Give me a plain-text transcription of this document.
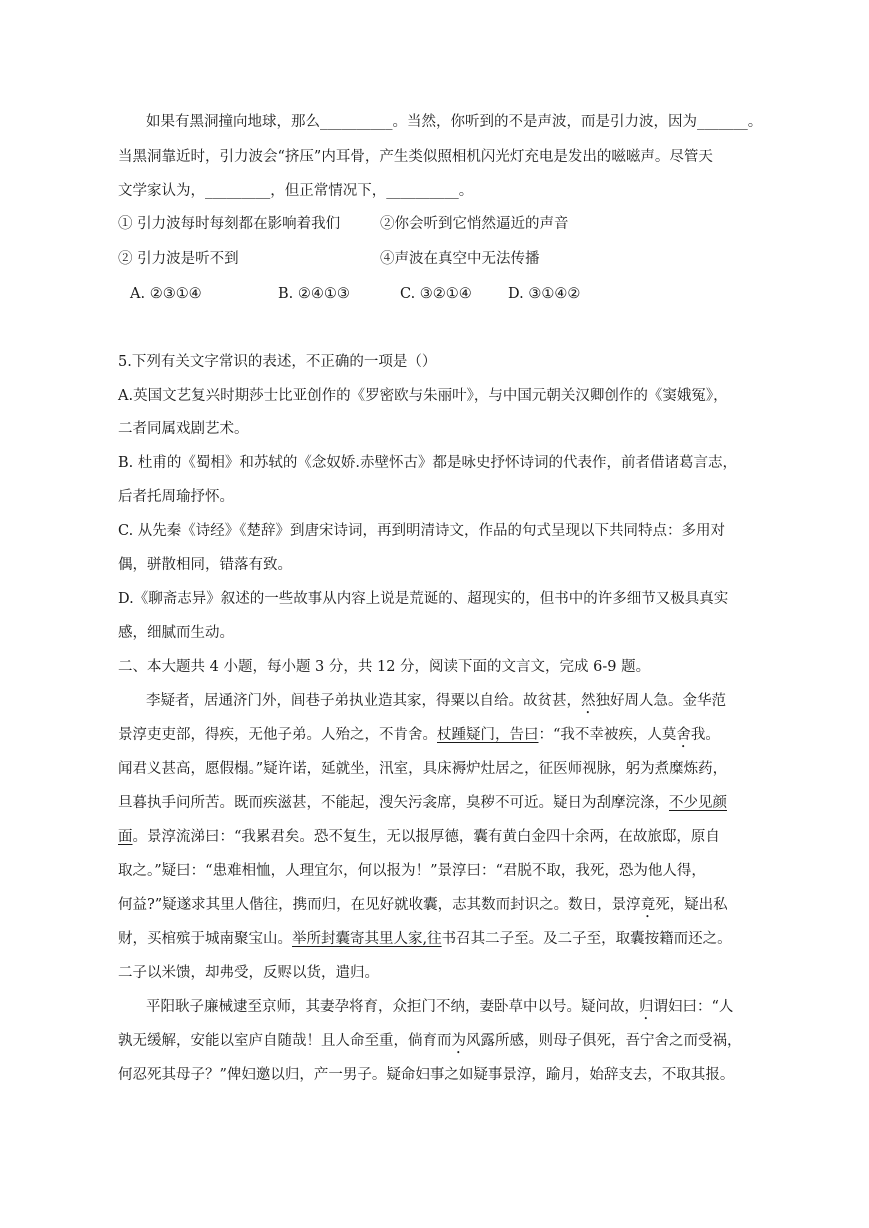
如果有黑洞撞向地球，那么__________。当然，你听到的不是声波，而是引力波，因为_______。
当黑洞靠近时，引力波会“挤压”内耳骨，产生类似照相机闪光灯充电是发出的嗞嗞声。尽管天
文学家认为，_________，但正常情况下，__________。
① 引力波每时每刻都在影响着我们	②你会听到它悄然逼近的声音
② 引力波是听不到	④声波在真空中无法传播
A. ②③①④	B. ②④①③	C. ③②①④ D. ③①④②
5.下列有关文字常识的表述，不正确的一项是（）
A.英国文艺复兴时期莎士比亚创作的《罗密欧与朱丽叶》，与中国元朝关汉卿创作的《窦娥冤》，
二者同属戏剧艺术。
B. 杜甫的《蜀相》和苏轼的《念奴娇.赤壁怀古》都是咏史抒怀诗词的代表作，前者借诸葛言志，
后者托周瑜抒怀。
C. 从先秦《诗经》《楚辞》到唐宋诗词，再到明清诗文，作品的句式呈现以下共同特点：多用对
偶，骈散相同，错落有致。
D.《聊斋志异》叙述的一些故事从内容上说是荒诞的、超现实的，但书中的许多细节又极具真实
感，细腻而生动。
二、本大题共 4 小题，每小题 3 分，共 12 分，阅读下面的文言文，完成 6-9 题。
李疑者，居通济门外，闾巷子弟执业造其家，得粟以自给。故贫甚，然独好周人急。金华范
景淳吏吏部，得疾，无他子弟。人殆之，不肯舍。杖踵疑门，告曰：“我不幸被疾，人莫舍我。
闻君义甚高，愿假榻。”疑许诺，延就坐，汛室，具床褥炉灶居之，征医师视脉，躬为煮糜炼药，
旦暮执手问所苦。既而疾滋甚，不能起，溲矢污衾席，臭秽不可近。疑日为刮摩浣涤，不少见颜
面。景淳流涕曰：“我累君矣。恐不复生，无以报厚德，囊有黄白金四十余两，在故旅邸，原自
取之。”疑曰：“患难相恤，人理宜尔，何以报为！”景淳曰：“君脱不取，我死，恐为他人得，
何益?”疑遂求其里人偕往，携而归，在见好就收囊，志其数而封识之。数日，景淳竟死，疑出私
财，买棺殡于城南聚宝山。举所封囊寄其里人家,往书召其二子至。及二子至，取囊按籍而还之。
二子以米馈，却弗受，反赆以货，遣归。
平阳耿子廉械逮至京师，其妻孕将育，众拒门不纳，妻卧草中以号。疑问故，归谓妇曰：“人
孰无缓解，安能以室庐自随哉！且人命至重，倘育而为风露所感，则母子俱死，吾宁舍之而受祸，
何忍死其母子？”俾妇邀以归，产一男子。疑命妇事之如疑事景淳，踰月，始辞支去，不取其报。
